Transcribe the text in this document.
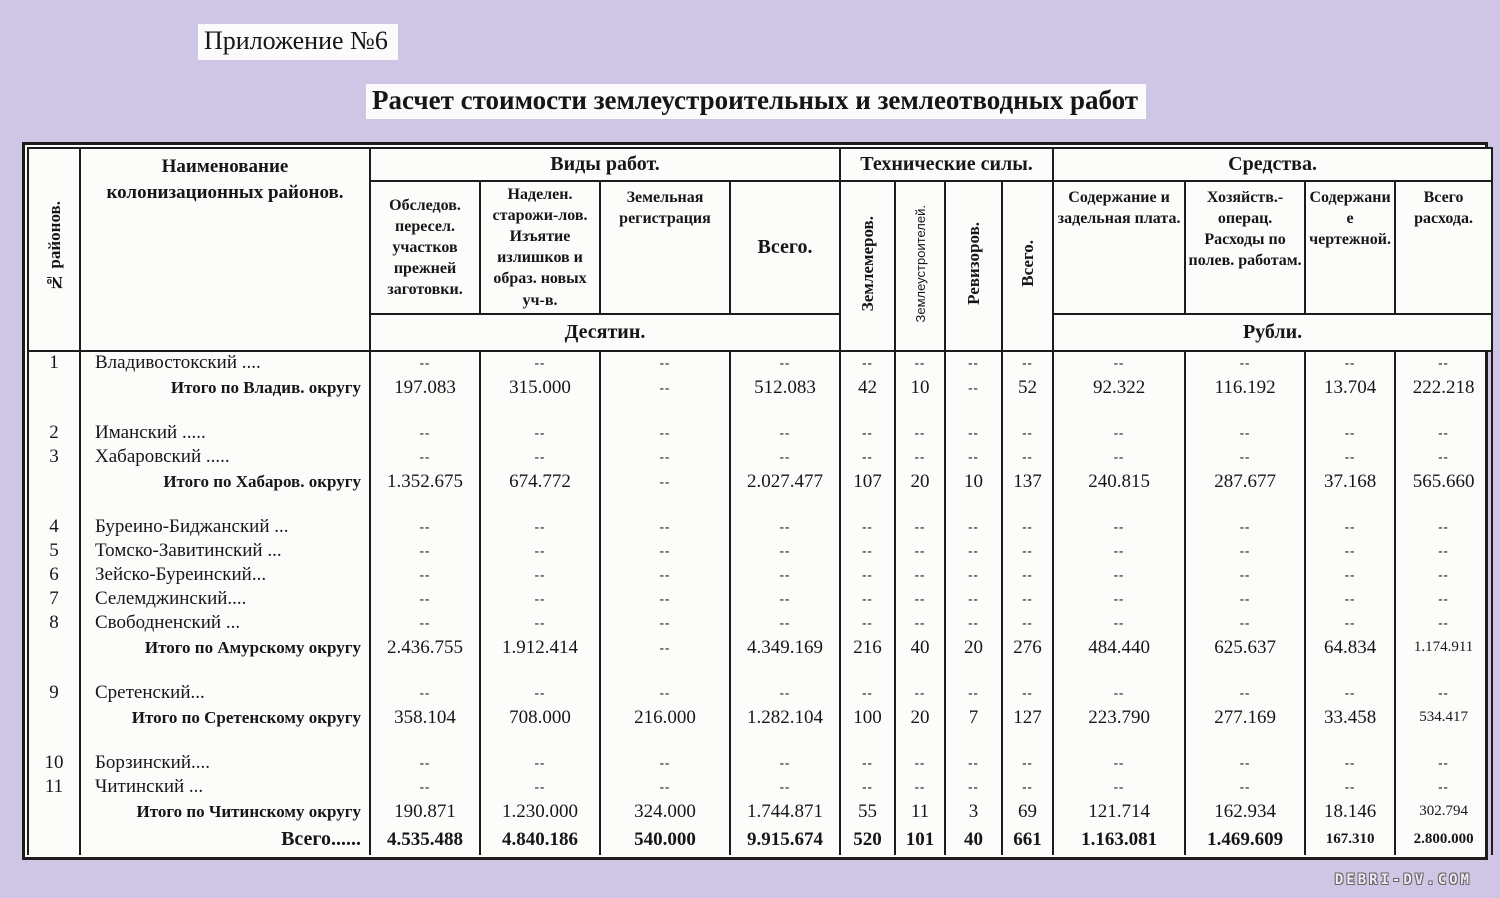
Приложение №6
Расчет стоимости землеустроительных и землеотводных работ
№ районов.	Наименование колонизационных районов.	Виды работ.				Технические силы.				Средства.			
		Обследов. пересел. участков прежней заготовки.	Наделен. старожи-лов. Изъятие излишков и образ. новых уч-в.	Земельная регистрация	Всего.	Землемеров.	Землеустроителей.	Ревизоров.	Всего.	Содержание и задельная плата.	Хозяйств.-операц. Расходы по полев. работам.	Содержание чертежной.	Всего расхода.
		Десятин.								Рубли.			
1	Владивостокский ....	--	--	--	--	--	--	--	--	--	--	--	--
	Итого по Владив. округу	197.083	315.000	--	512.083	42	10	--	52	92.322	116.192	13.704	222.218

2	Иманский .....	--	--	--	--	--	--	--	--	--	--	--	--
3	Хабаровский .....	--	--	--	--	--	--	--	--	--	--	--	--
	Итого по Хабаров. округу	1.352.675	674.772	--	2.027.477	107	20	10	137	240.815	287.677	37.168	565.660

4	Буреино-Биджанский ...	--	--	--	--	--	--	--	--	--	--	--	--
5	Томско-Завитинский ...	--	--	--	--	--	--	--	--	--	--	--	--
6	Зейско-Буреинский...	--	--	--	--	--	--	--	--	--	--	--	--
7	Селемджинский....	--	--	--	--	--	--	--	--	--	--	--	--
8	Свободненский ...	--	--	--	--	--	--	--	--	--	--	--	--
	Итого по Амурскому округу	2.436.755	1.912.414	--	4.349.169	216	40	20	276	484.440	625.637	64.834	1.174.911

9	Сретенский...	--	--	--	--	--	--	--	--	--	--	--	--
	Итого по Сретенскому округу	358.104	708.000	216.000	1.282.104	100	20	7	127	223.790	277.169	33.458	534.417

10	Борзинский....	--	--	--	--	--	--	--	--	--	--	--	--
11	Читинский ...	--	--	--	--	--	--	--	--	--	--	--	--
	Итого по Читинскому округу	190.871	1.230.000	324.000	1.744.871	55	11	3	69	121.714	162.934	18.146	302.794
	Всего......	4.535.488	4.840.186	540.000	9.915.674	520	101	40	661	1.163.081	1.469.609	167.310	2.800.000
DEBRI-DV.COM
